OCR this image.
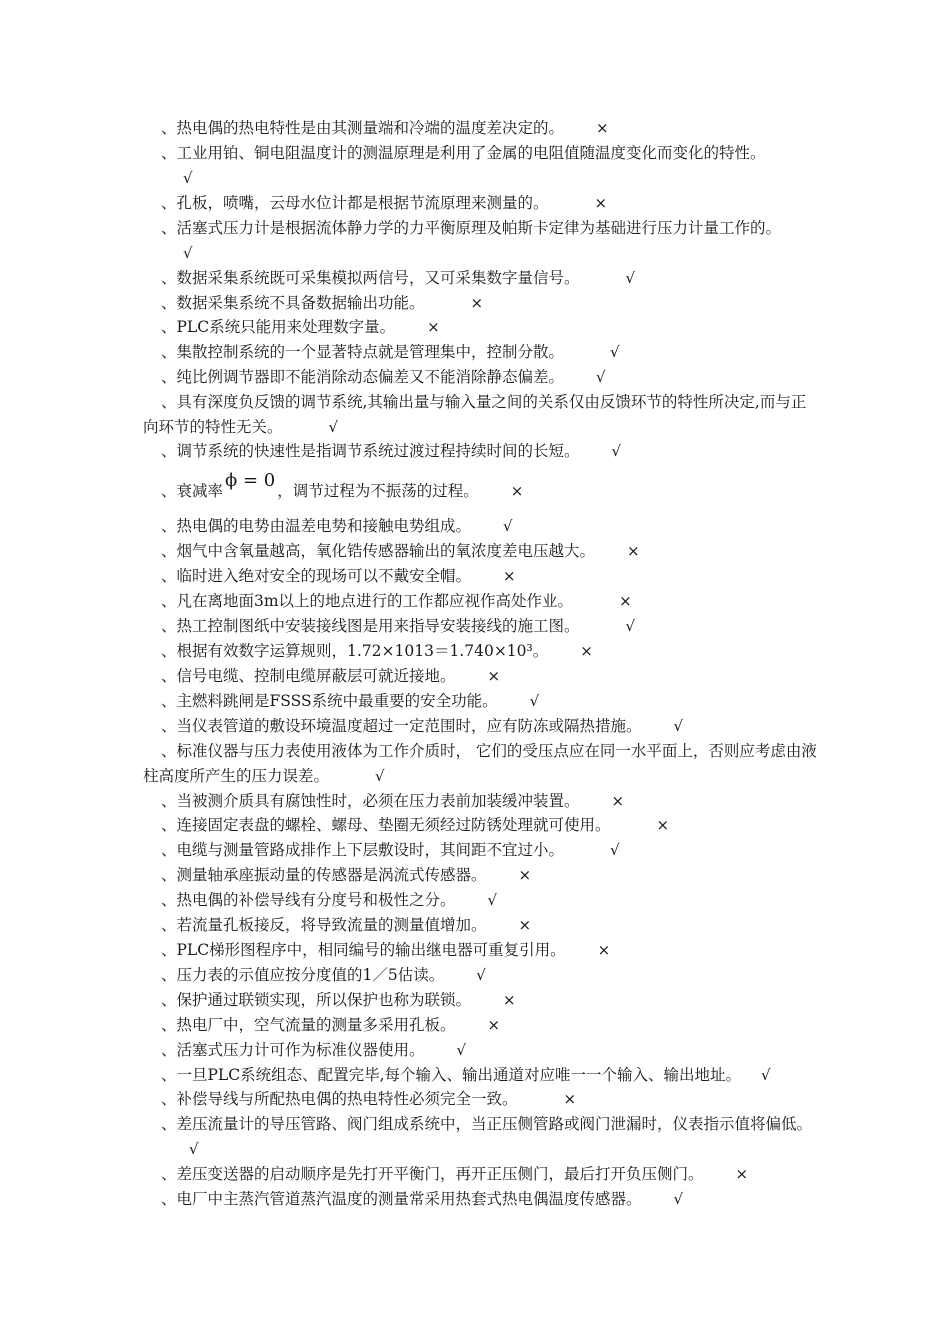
、热电偶的热电特性是由其测量端和冷端的温度差决定的。 ×
、工业用铂、铜电阻温度计的测温原理是利用了金属的电阻值随温度变化而变化的特性。
√
、孔板，喷嘴，云母水位计都是根据节流原理来测量的。	×
、活塞式压力计是根据流体静力学的力平衡原理及帕斯卡定律为基础进行压力计量工作的。
√
、数据采集系统既可采集模拟两信号，又可采集数字量信号。	√
、数据采集系统不具备数据输出功能。	×
、PLC系统只能用来处理数字量。 ×
、集散控制系统的一个显著特点就是管理集中，控制分散。	√
、纯比例调节器即不能消除动态偏差又不能消除静态偏差。 √
、具有深度负反馈的调节系统,其输出量与输入量之间的关系仅由反馈环节的特性所决定,而与正向环节的特性无关。	√
、调节系统的快速性是指调节系统过渡过程持续时间的长短。 √
、衰减率 ϕ = 0 ，调节过程为不振荡的过程。 ×
、热电偶的电势由温差电势和接触电势组成。 √
、烟气中含氧量越高，氧化锆传感器输出的氧浓度差电压越大。 ×
、临时进入绝对安全的现场可以不戴安全帽。 ×
、凡在离地面3m以上的地点进行的工作都应视作高处作业。	×
、热工控制图纸中安装接线图是用来指导安装接线的施工图。	√
、根据有效数字运算规则，1.72×1013＝1.740×10³。 ×
、信号电缆、控制电缆屏蔽层可就近接地。 ×
、主燃料跳闸是FSSS系统中最重要的安全功能。 √
、当仪表管道的敷设环境温度超过一定范围时，应有防冻或隔热措施。 √
、标准仪器与压力表使用液体为工作介质时， 它们的受压点应在同一水平面上，否则应考虑由液柱高度所产生的压力误差。	√
、当被测介质具有腐蚀性时，必须在压力表前加装缓冲装置。 ×
、连接固定表盘的螺栓、螺母、垫圈无须经过防锈处理就可使用。	×
、电缆与测量管路成排作上下层敷设时，其间距不宜过小。	√
、测量轴承座振动量的传感器是涡流式传感器。 ×
、热电偶的补偿导线有分度号和极性之分。 √
、若流量孔板接反，将导致流量的测量值增加。 ×
、PLC梯形图程序中，相同编号的输出继电器可重复引用。 ×
、压力表的示值应按分度值的1／5估读。 √
、保护通过联锁实现，所以保护也称为联锁。 ×
、热电厂中，空气流量的测量多采用孔板。 ×
、活塞式压力计可作为标准仪器使用。 √
、一旦PLC系统组态、配置完毕,每个输入、输出通道对应唯一一个输入、输出地址。 √
、补偿导线与所配热电偶的热电特性必须完全一致。	×
、差压流量计的导压管路、阀门组成系统中，当正压侧管路或阀门泄漏时，仪表指示值将偏低。√
、差压变送器的启动顺序是先打开平衡门，再开正压侧门，最后打开负压侧门。 ×
、电厂中主蒸汽管道蒸汽温度的测量常采用热套式热电偶温度传感器。 √
